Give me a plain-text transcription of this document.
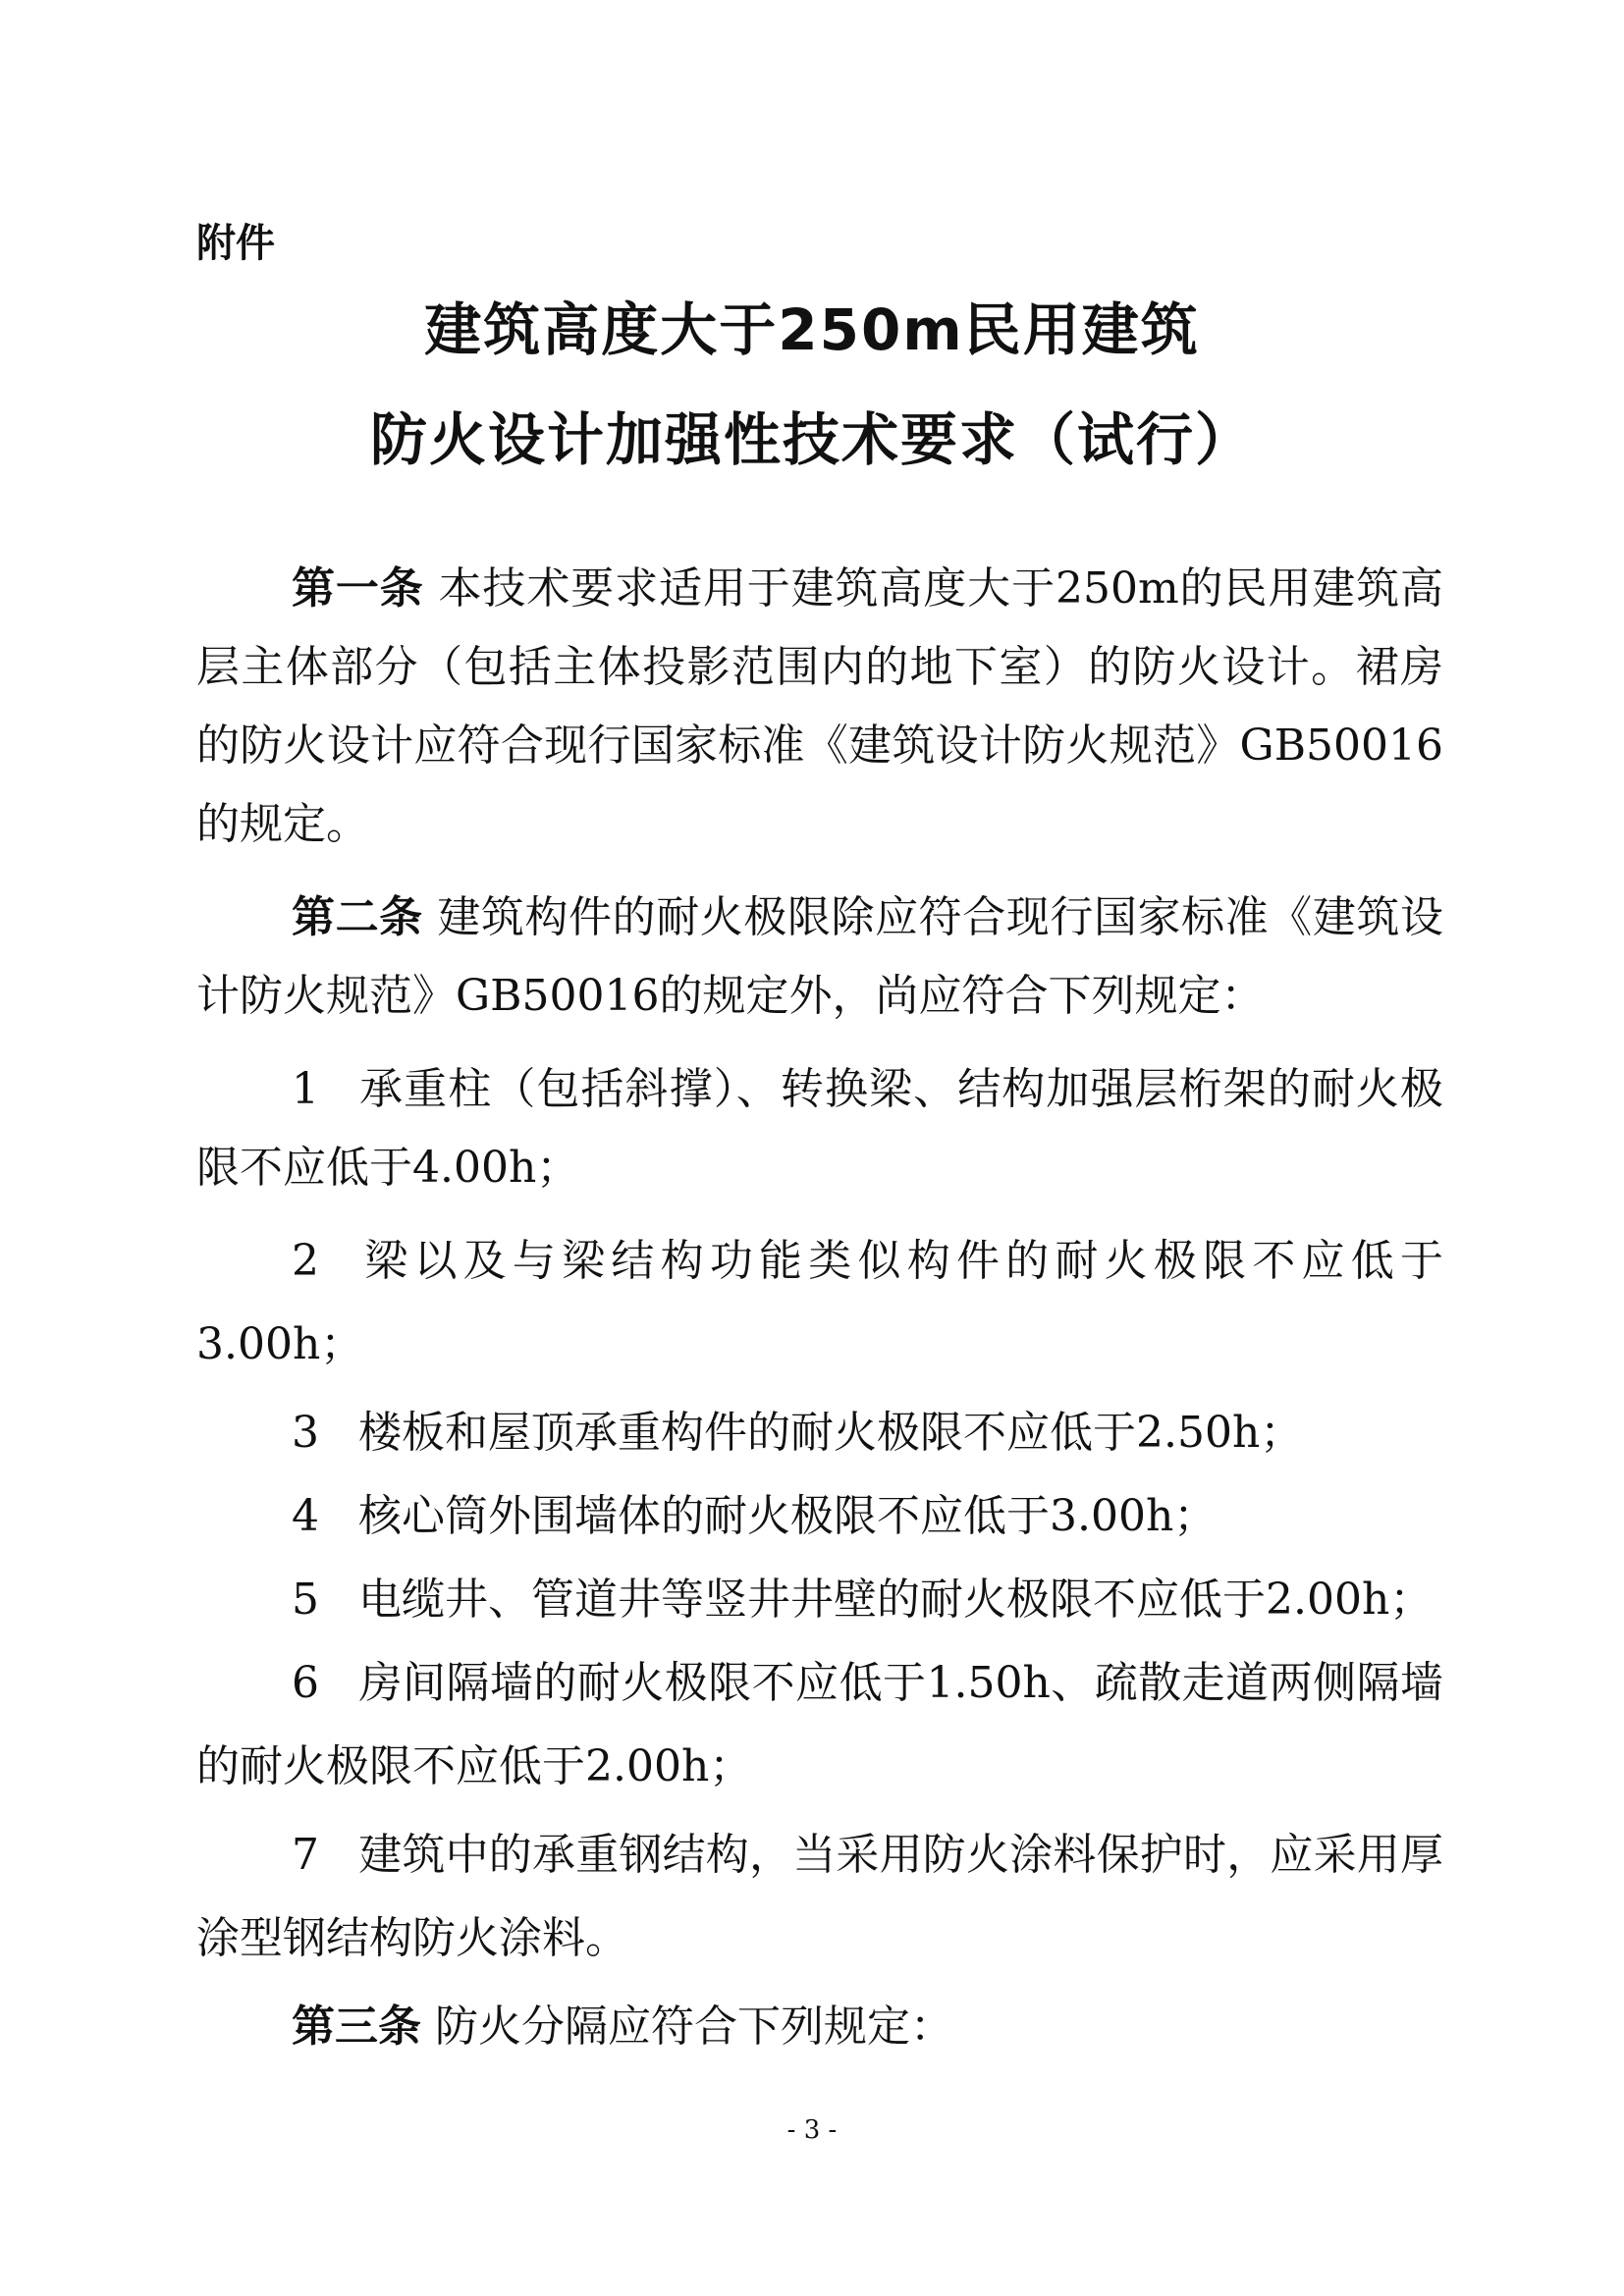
附件
建筑高度大于250m民用建筑
防火设计加强性技术要求（试行）
第一条 本技术要求适用于建筑高度大于250m的民用建筑高
层主体部分（包括主体投影范围内的地下室）的防火设计。裙房
的防火设计应符合现行国家标准《建筑设计防火规范》GB50016
的规定。
第二条 建筑构件的耐火极限除应符合现行国家标准《建筑设
计防火规范》GB50016的规定外，尚应符合下列规定：
1 承重柱（包括斜撑）、转换梁、结构加强层桁架的耐火极
限不应低于4.00h；
2 梁以及与梁结构功能类似构件的耐火极限不应低于
3.00h；
3 楼板和屋顶承重构件的耐火极限不应低于2.50h；
4 核心筒外围墙体的耐火极限不应低于3.00h；
5 电缆井、管道井等竖井井壁的耐火极限不应低于2.00h；
6 房间隔墙的耐火极限不应低于1.50h、疏散走道两侧隔墙
的耐火极限不应低于2.00h；
7 建筑中的承重钢结构，当采用防火涂料保护时，应采用厚
涂型钢结构防火涂料。
第三条 防火分隔应符合下列规定：
- 3 -
